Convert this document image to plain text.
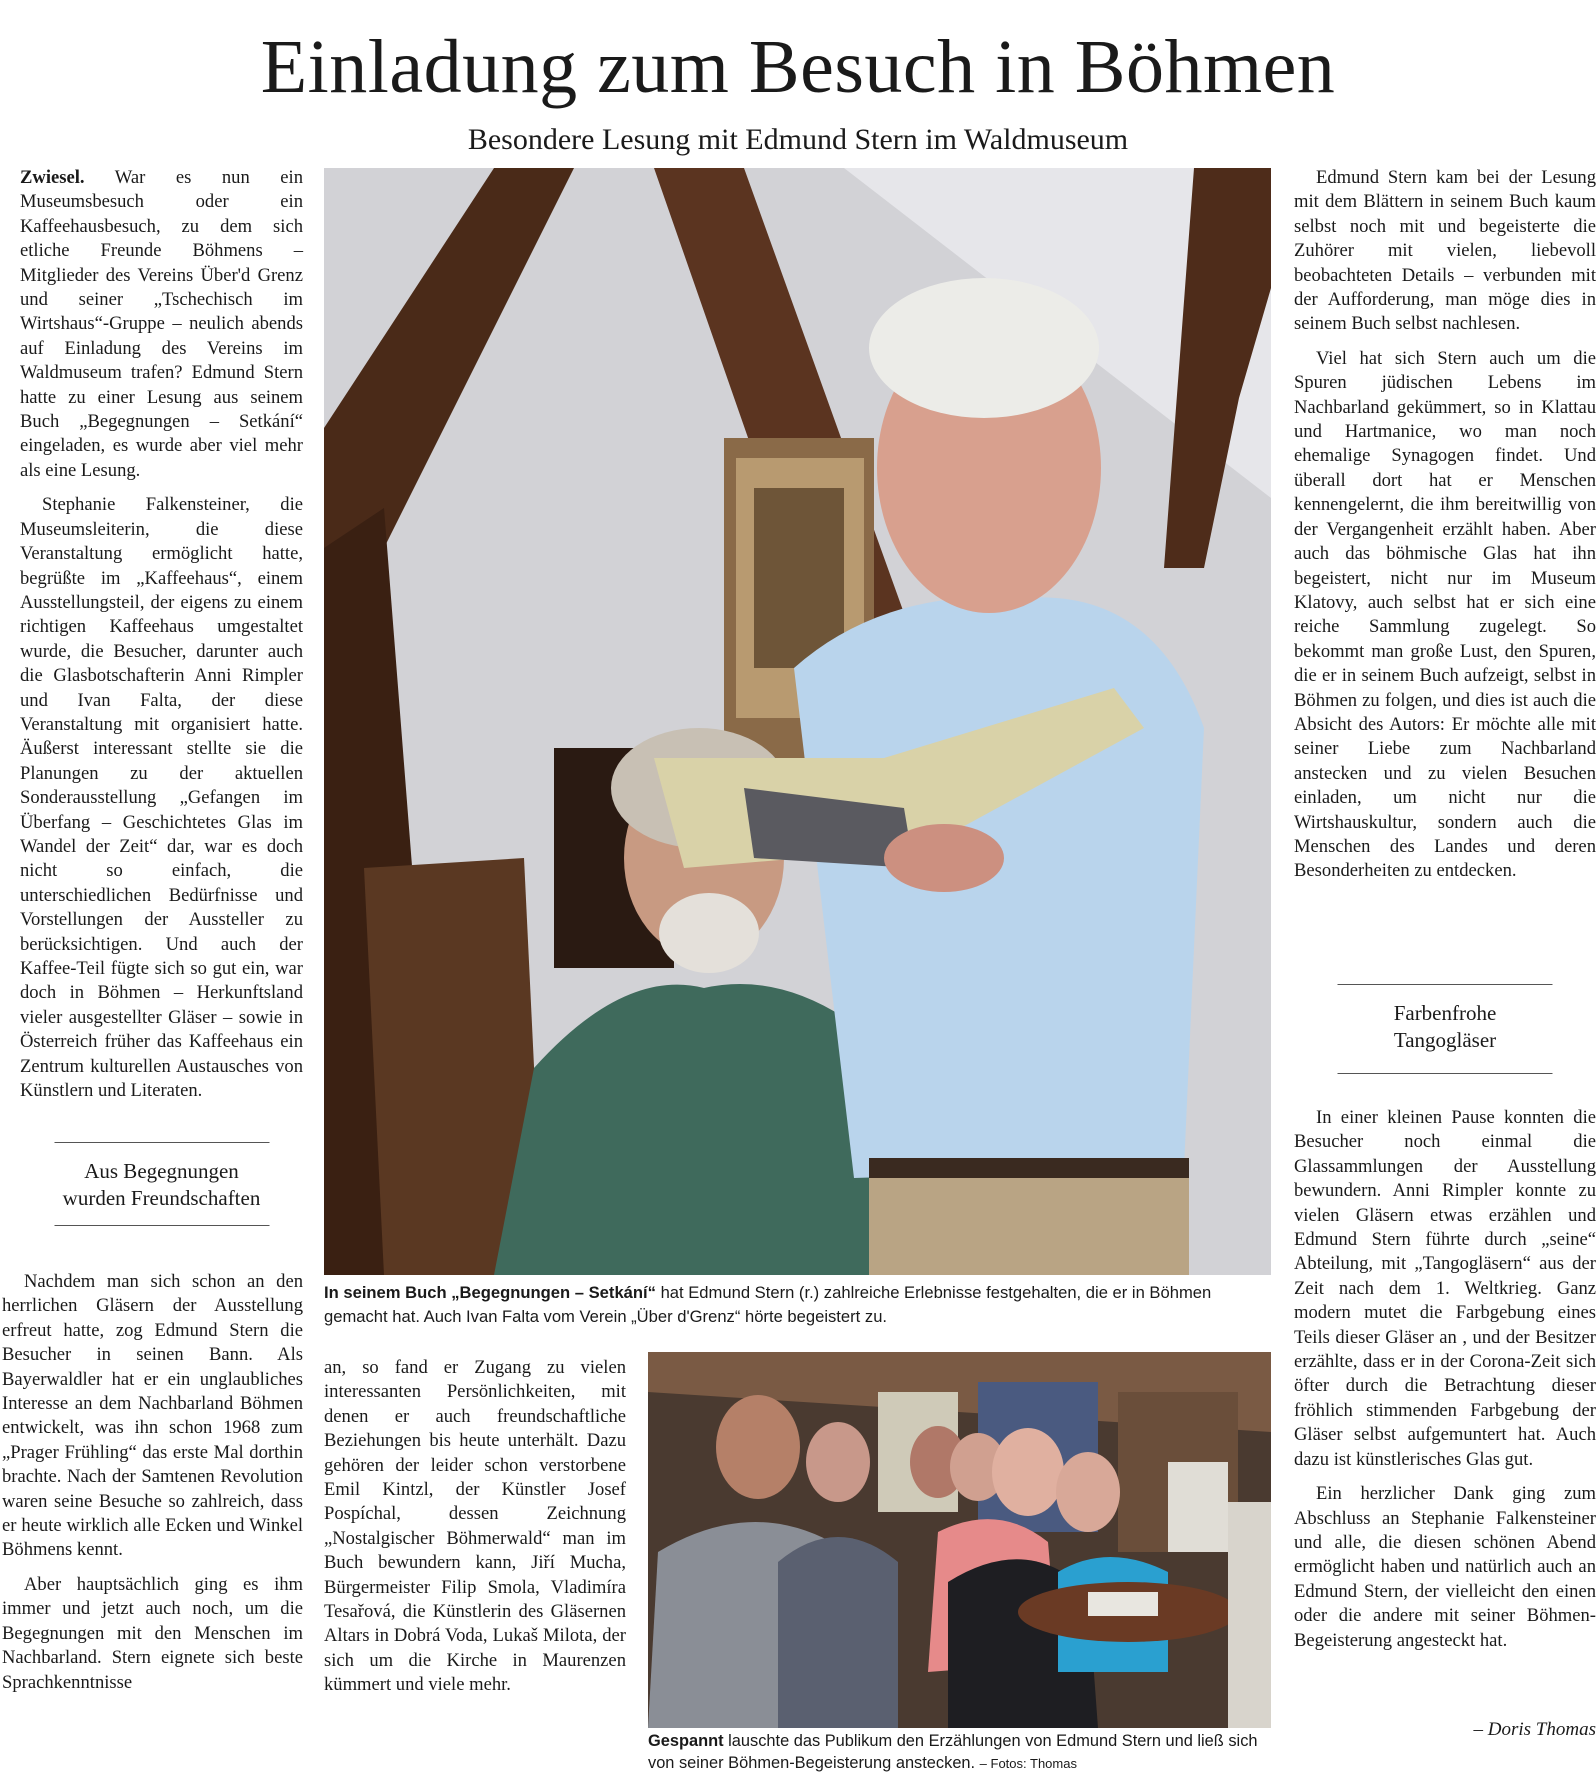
Einladung zum Besuch in Böhmen
Besondere Lesung mit Edmund Stern im Waldmuseum

Zwiesel. War es nun ein Museumsbesuch oder ein Kaffeehausbesuch, zu dem sich etliche Freunde Böhmens – Mitglieder des Vereins Über'd Grenz und seiner „Tschechisch im Wirtshaus“-Gruppe – neulich abends auf Einladung des Vereins im Waldmuseum trafen? Edmund Stern hatte zu einer Lesung aus seinem Buch „Begegnungen – Setkání“ eingeladen, es wurde aber viel mehr als eine Lesung.

Stephanie Falkensteiner, die Museumsleiterin, die diese Veranstaltung ermöglicht hatte, begrüßte im „Kaffeehaus“, einem Ausstellungsteil, der eigens zu einem richtigen Kaffeehaus umgestaltet wurde, die Besucher, darunter auch die Glasbotschafterin Anni Rimpler und Ivan Falta, der diese Veranstaltung mit organisiert hatte. Äußerst interessant stellte sie die Planungen zu der aktuellen Sonderausstellung „Gefangen im Überfang – Geschichtetes Glas im Wandel der Zeit“ dar, war es doch nicht so einfach, die unterschiedlichen Bedürfnisse und Vorstellungen der Aussteller zu berücksichtigen. Und auch der Kaffee-Teil fügte sich so gut ein, war doch in Böhmen – Herkunftsland vieler ausgestellter Gläser – sowie in Österreich früher das Kaffeehaus ein Zentrum kulturellen Austausches von Künstlern und Literaten.

Aus Begegnungen
wurden Freundschaften

Nachdem man sich schon an den herrlichen Gläsern der Ausstellung erfreut hatte, zog Edmund Stern die Besucher in seinen Bann. Als Bayerwaldler hat er ein unglaubliches Interesse an dem Nachbarland Böhmen entwickelt, was ihn schon 1968 zum „Prager Frühling“ das erste Mal dorthin brachte. Nach der Samtenen Revolution waren seine Besuche so zahlreich, dass er heute wirklich alle Ecken und Winkel Böhmens kennt.

Aber hauptsächlich ging es ihm immer und jetzt auch noch, um die Begegnungen mit den Menschen im Nachbarland. Stern eignete sich beste Sprachkenntnisse

In seinem Buch „Begegnungen – Setkání“ hat Edmund Stern (r.) zahlreiche Erlebnisse festgehalten, die er in Böhmen gemacht hat. Auch Ivan Falta vom Verein „Über d'Grenz“ hörte begeistert zu.

an, so fand er Zugang zu vielen interessanten Persönlichkeiten, mit denen er auch freundschaftliche Beziehungen bis heute unterhält. Dazu gehören der leider schon verstorbene Emil Kintzl, der Künstler Josef Pospíchal, dessen Zeichnung „Nostalgischer Böhmerwald“ man im Buch bewundern kann, Jiří Mucha, Bürgermeister Filip Smola, Vladimíra Tesařová, die Künstlerin des Gläsernen Altars in Dobrá Voda, Lukaš Milota, der sich um die Kirche in Maurenzen kümmert und viele mehr.

Gespannt lauschte das Publikum den Erzählungen von Edmund Stern und ließ sich von seiner Böhmen-Begeisterung anstecken. – Fotos: Thomas

Edmund Stern kam bei der Lesung mit dem Blättern in seinem Buch kaum selbst noch mit und begeisterte die Zuhörer mit vielen, liebevoll beobachteten Details – verbunden mit der Aufforderung, man möge dies in seinem Buch selbst nachlesen.

Viel hat sich Stern auch um die Spuren jüdischen Lebens im Nachbarland gekümmert, so in Klattau und Hartmanice, wo man noch ehemalige Synagogen findet. Und überall dort hat er Menschen kennengelernt, die ihm bereitwillig von der Vergangenheit erzählt haben. Aber auch das böhmische Glas hat ihn begeistert, nicht nur im Museum Klatovy, auch selbst hat er sich eine reiche Sammlung zugelegt. So bekommt man große Lust, den Spuren, die er in seinem Buch aufzeigt, selbst in Böhmen zu folgen, und dies ist auch die Absicht des Autors: Er möchte alle mit seiner Liebe zum Nachbarland anstecken und zu vielen Besuchen einladen, um nicht nur die Wirtshauskultur, sondern auch die Menschen des Landes und deren Besonderheiten zu entdecken.

Farbenfrohe
Tangogläser

In einer kleinen Pause konnten die Besucher noch einmal die Glassammlungen der Ausstellung bewundern. Anni Rimpler konnte zu vielen Gläsern etwas erzählen und Edmund Stern führte durch „seine“ Abteilung, mit „Tangogläsern“ aus der Zeit nach dem 1. Weltkrieg. Ganz modern mutet die Farbgebung eines Teils dieser Gläser an , und der Besitzer erzählte, dass er in der Corona-Zeit sich öfter durch die Betrachtung dieser fröhlich stimmenden Farbgebung der Gläser selbst aufgemuntert hat. Auch dazu ist künstlerisches Glas gut.

Ein herzlicher Dank ging zum Abschluss an Stephanie Falkensteiner und alle, die diesen schönen Abend ermöglicht haben und natürlich auch an Edmund Stern, der vielleicht den einen oder die andere mit seiner Böhmen-Begeisterung angesteckt hat.

– Doris Thomas
